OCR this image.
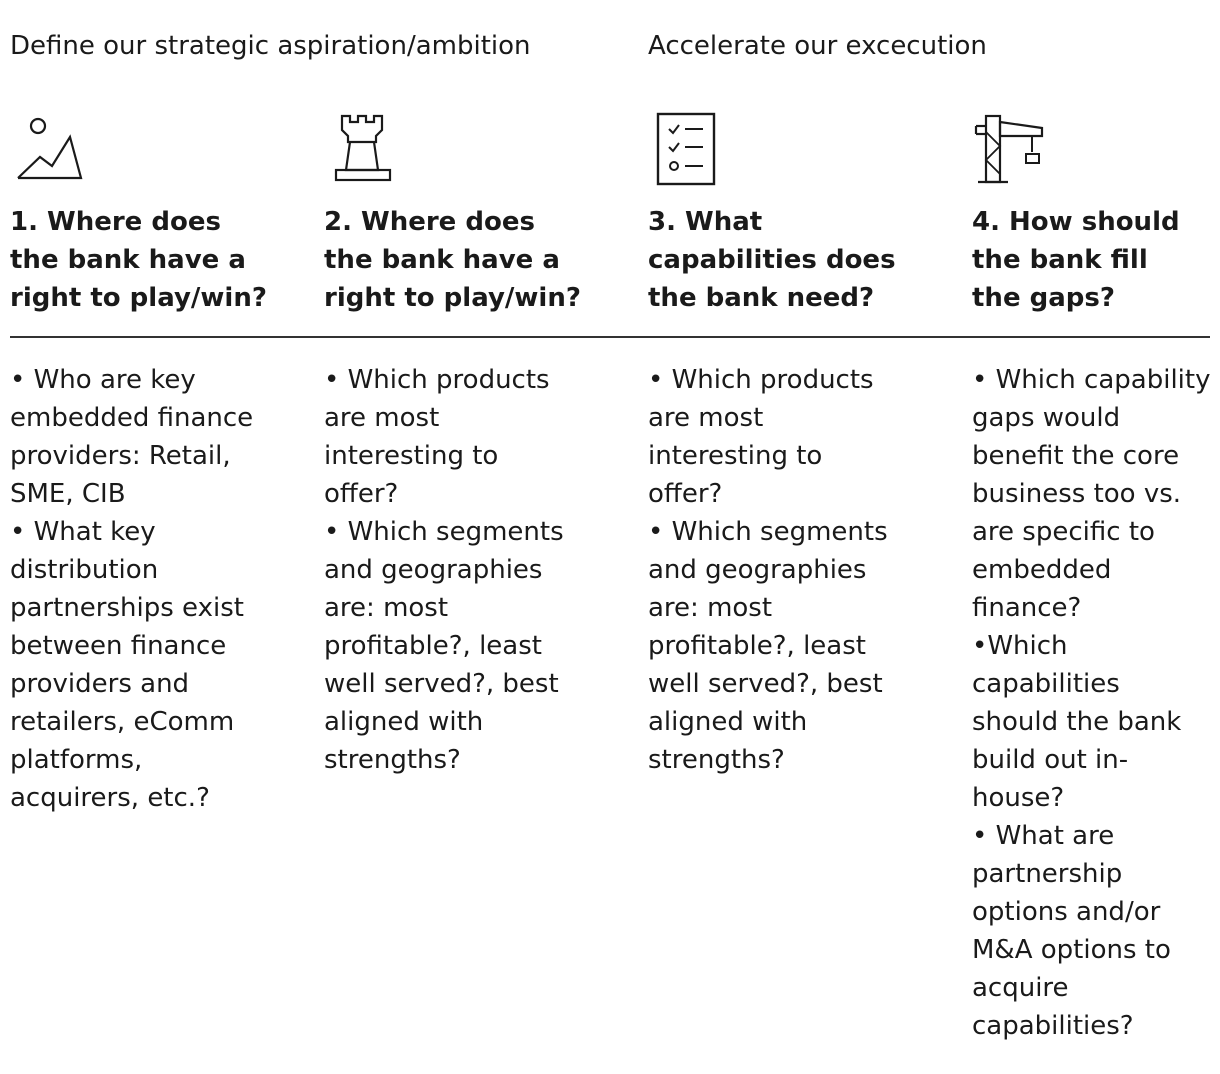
Define our strategic aspiration/ambition	Accelerate our excecution
1. Where does the bank have a right to play/win?
2. Where does the bank have a right to play/win?
3. What capabilities does the bank need?
4. How should the bank fill the gaps?
• Who are key embedded finance providers: Retail, SME, CIB
• What key distribution partnerships exist between finance providers and retailers, eComm platforms, acquirers, etc.?
• Which products are most interesting to offer?
• Which segments and geographies are: most profitable?, least well served?, best aligned with strengths?
• Which products are most interesting to offer?
• Which segments and geographies are: most profitable?, least well served?, best aligned with strengths?
• Which capability gaps would benefit the core business too vs. are specific to embedded finance?
•Which capabilities should the bank build out in-house?
• What are partnership options and/or M&A options to acquire capabilities?
